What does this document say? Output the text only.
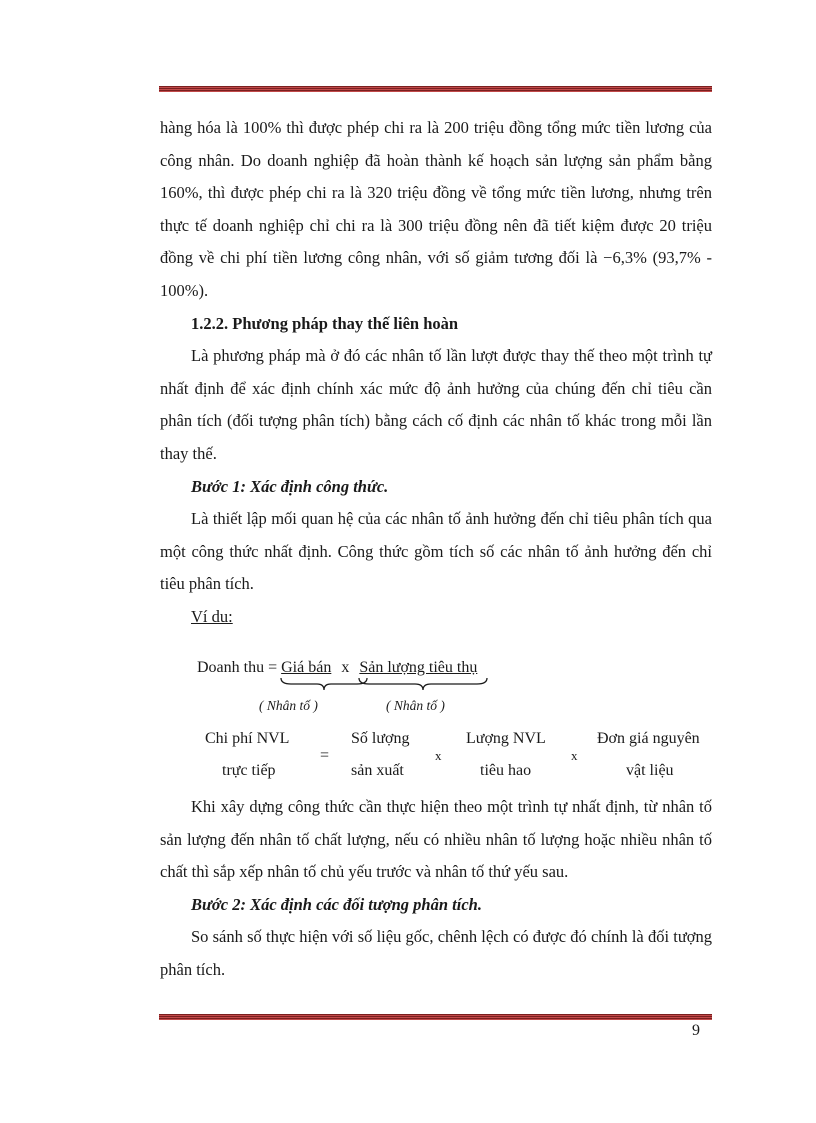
hàng hóa là 100% thì được phép chi ra là 200 triệu đồng tổng mức tiền lương của công nhân. Do doanh nghiệp đã hoàn thành kế hoạch sản lượng sản phẩm bằng 160%, thì được phép chi ra là 320 triệu đồng về tổng mức tiền lương, nhưng trên thực tế doanh nghiệp chỉ chi ra là 300 triệu đồng nên đã tiết kiệm được 20 triệu đồng về chi phí tiền lương công nhân, với số giảm tương đối là −6,3% (93,7% - 100%).

1.2.2. Phương pháp thay thế liên hoàn

Là phương pháp mà ở đó các nhân tố lần lượt được thay thế theo một trình tự nhất định để xác định chính xác mức độ ảnh hưởng của chúng đến chỉ tiêu cần phân tích (đối tượng phân tích) bằng cách cố định các nhân tố khác trong mỗi lần thay thế.

Bước 1: Xác định công thức.

Là thiết lập mối quan hệ của các nhân tố ảnh hưởng đến chỉ tiêu phân tích qua một công thức nhất định. Công thức gồm tích số các nhân tố ảnh hưởng đến chỉ tiêu phân tích.

Ví du:

Doanh thu = Giá bán x Sản lượng tiêu thụ
( Nhân tố )	( Nhân tố )
Chi phí NVL
trực tiếp
=
Số lượng
sản xuất
x
Lượng NVL
tiêu hao
x
Đơn giá nguyên
vật liệu

Khi xây dựng công thức cần thực hiện theo một trình tự nhất định, từ nhân tố sản lượng đến nhân tố chất lượng, nếu có nhiều nhân tố lượng hoặc nhiều nhân tố chất thì sắp xếp nhân tố chủ yếu trước và nhân tố thứ yếu sau.

Bước 2: Xác định các đối tượng phân tích.

So sánh số thực hiện với số liệu gốc, chênh lệch có được đó chính là đối tượng phân tích.

9
